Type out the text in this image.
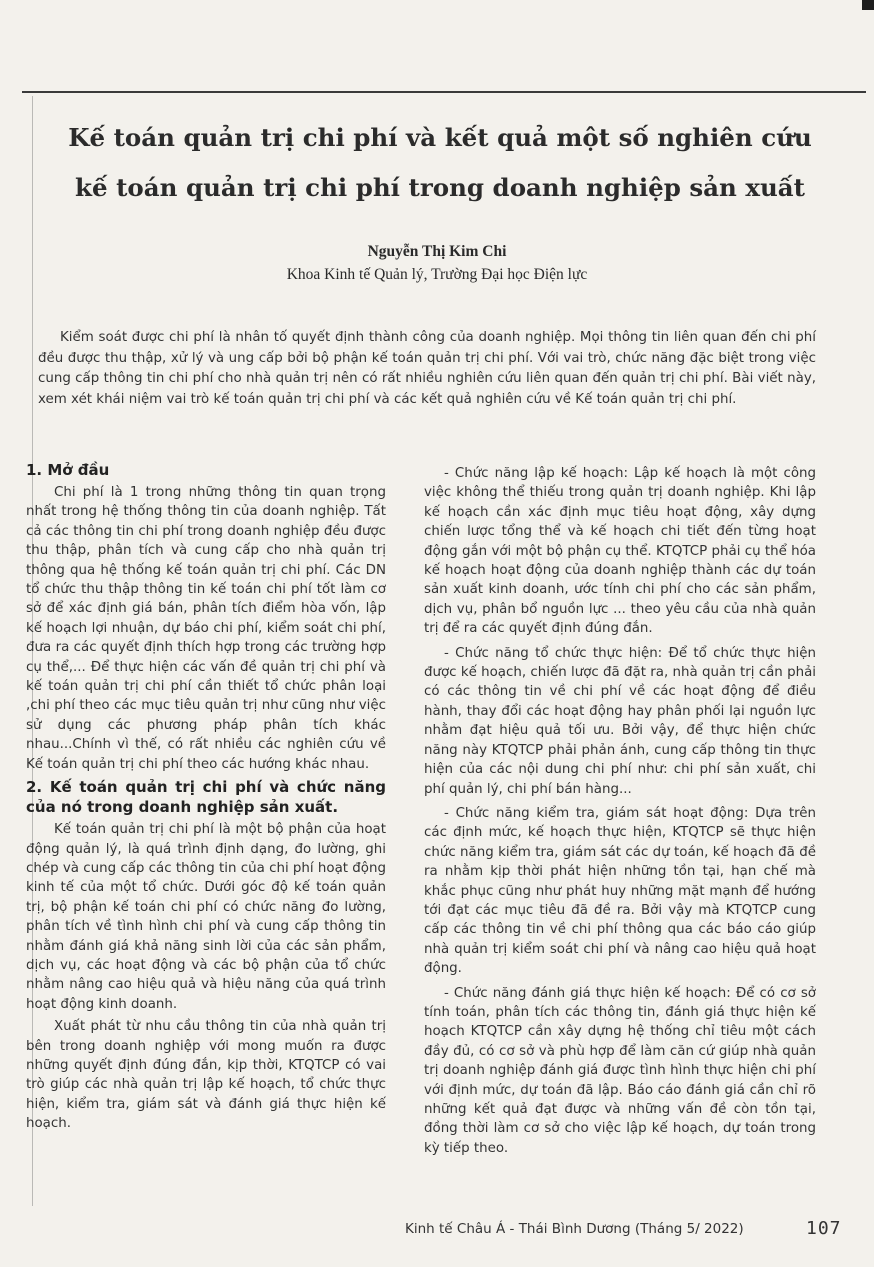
Kế toán quản trị chi phí và kết quả một số nghiên cứu
kế toán quản trị chi phí trong doanh nghiệp sản xuất

Nguyễn Thị Kim Chi

Khoa Kinh tế Quản lý, Trường Đại học Điện lực

Kiểm soát được chi phí là nhân tố quyết định thành công của doanh nghiệp. Mọi thông tin liên quan đến chi phí đều được thu thập, xử lý và ung cấp bởi bộ phận kế toán quản trị chi phí. Với vai trò, chức năng đặc biệt trong việc cung cấp thông tin chi phí cho nhà quản trị nên có rất nhiều nghiên cứu liên quan đến quản trị chi phí. Bài viết này, xem xét khái niệm vai trò kế toán quản trị chi phí và các kết quả nghiên cứu về Kế toán quản trị chi phí.

1. Mở đầu

Chi phí là 1 trong những thông tin quan trọng nhất trong hệ thống thông tin của doanh nghiệp. Tất cả các thông tin chi phí trong doanh nghiệp đều được thu thập, phân tích và cung cấp cho nhà quản trị thông qua hệ thống kế toán quản trị chi phí. Các DN tổ chức thu thập thông tin kế toán chi phí tốt làm cơ sở để xác định giá bán, phân tích điểm hòa vốn, lập kế hoạch lợi nhuận, dự báo chi phí, kiểm soát chi phí, đưa ra các quyết định thích hợp trong các trường hợp cụ thể,... Để thực hiện các vấn đề quản trị chi phí và kế toán quản trị chi phí cần thiết tổ chức phân loại ,chi phí theo các mục tiêu quản trị như cũng như việc sử dụng các phương pháp phân tích khác nhau...Chính vì thế, có rất nhiều các nghiên cứu về Kế toán quản trị chi phí theo các hướng khác nhau.

2. Kế toán quản trị chi phí và chức năng của nó trong doanh nghiệp sản xuất.

Kế toán quản trị chi phí là một bộ phận của hoạt động quản lý, là quá trình định dạng, đo lường, ghi chép và cung cấp các thông tin của chi phí hoạt động kinh tế của một tổ chức. Dưới góc độ kế toán quản trị, bộ phận kế toán chi phí có chức năng đo lường, phân tích về tình hình chi phí và cung cấp thông tin nhằm đánh giá khả năng sinh lời của các sản phẩm, dịch vụ, các hoạt động và các bộ phận của tổ chức nhằm nâng cao hiệu quả và hiệu năng của quá trình hoạt động kinh doanh.

Xuất phát từ nhu cầu thông tin của nhà quản trị bên trong doanh nghiệp với mong muốn ra được những quyết định đúng đắn, kịp thời, KTQTCP có vai trò giúp các nhà quản trị lập kế hoạch, tổ chức thực hiện, kiểm tra, giám sát và đánh giá thực hiện kế hoạch.

- Chức năng lập kế hoạch: Lập kế hoạch là một công việc không thể thiếu trong quản trị doanh nghiệp. Khi lập kế hoạch cần xác định mục tiêu hoạt động, xây dựng chiến lược tổng thể và kế hoạch chi tiết đến từng hoạt động gắn với một bộ phận cụ thể. KTQTCP phải cụ thể hóa kế hoạch hoạt động của doanh nghiệp thành các dự toán sản xuất kinh doanh, ước tính chi phí cho các sản phẩm, dịch vụ, phân bổ nguồn lực ... theo yêu cầu của nhà quản trị để ra các quyết định đúng đắn.

- Chức năng tổ chức thực hiện: Để tổ chức thực hiện được kế hoạch, chiến lược đã đặt ra, nhà quản trị cần phải có các thông tin về chi phí về các hoạt động để điều hành, thay đổi các hoạt động hay phân phối lại nguồn lực nhằm đạt hiệu quả tối ưu. Bởi vậy, để thực hiện chức năng này KTQTCP phải phản ánh, cung cấp thông tin thực hiện của các nội dung chi phí như: chi phí sản xuất, chi phí quản lý, chi phí bán hàng...

- Chức năng kiểm tra, giám sát hoạt động: Dựa trên các định mức, kế hoạch thực hiện, KTQTCP sẽ thực hiện chức năng kiểm tra, giám sát các dự toán, kế hoạch đã đề ra nhằm kịp thời phát hiện những tồn tại, hạn chế mà khắc phục cũng như phát huy những mặt mạnh để hướng tới đạt các mục tiêu đã đề ra. Bởi vậy mà KTQTCP cung cấp các thông tin về chi phí thông qua các báo cáo giúp nhà quản trị kiểm soát chi phí và nâng cao hiệu quả hoạt động.

- Chức năng đánh giá thực hiện kế hoạch: Để có cơ sở tính toán, phân tích các thông tin, đánh giá thực hiện kế hoạch KTQTCP cần xây dựng hệ thống chỉ tiêu một cách đầy đủ, có cơ sở và phù hợp để làm căn cứ giúp nhà quản trị doanh nghiệp đánh giá được tình hình thực hiện chi phí với định mức, dự toán đã lập. Báo cáo đánh giá cần chỉ rõ những kết quả đạt được và những vấn đề còn tồn tại, đồng thời làm cơ sở cho việc lập kế hoạch, dự toán trong kỳ tiếp theo.

Kinh tế Châu Á - Thái Bình Dương (Tháng 5/ 2022)	107
